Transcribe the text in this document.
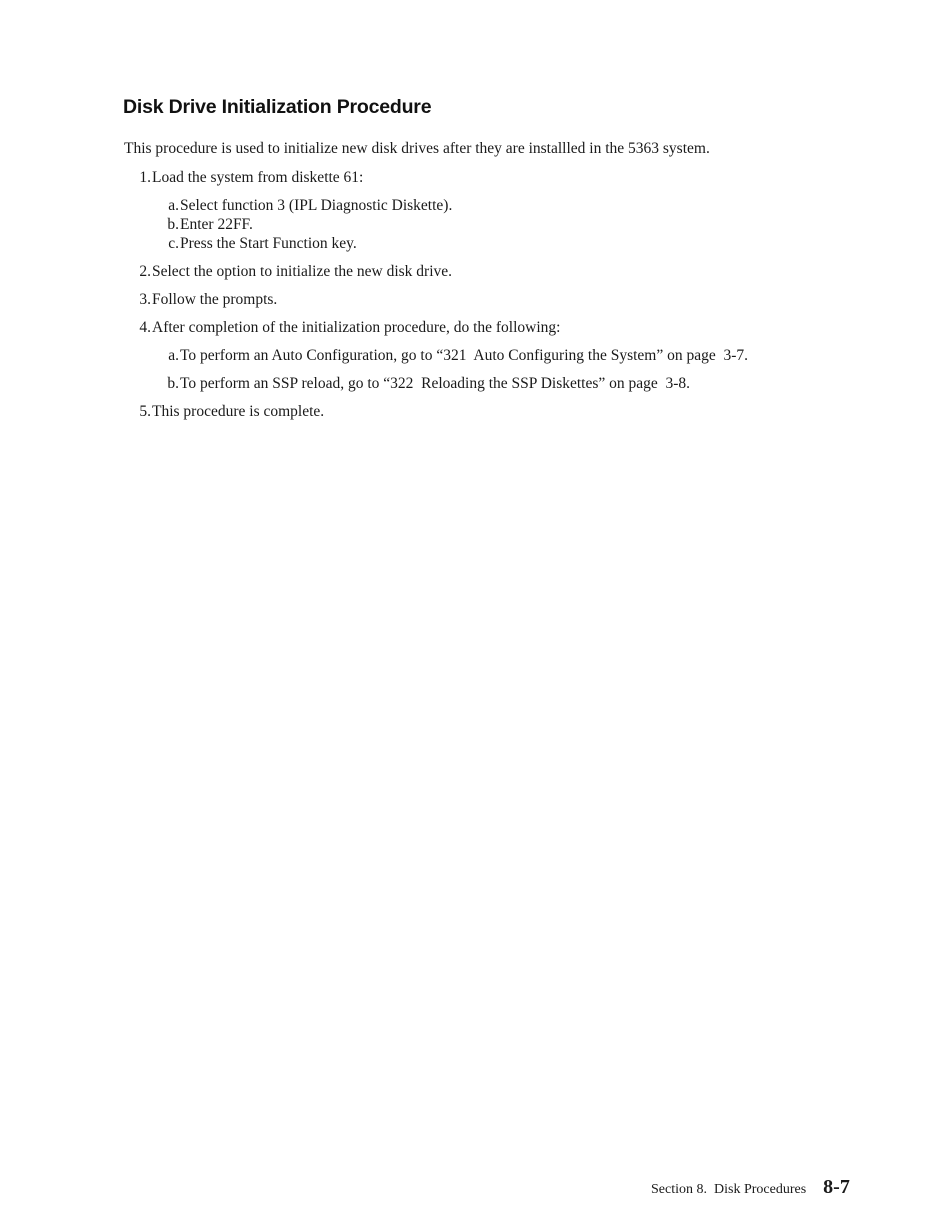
Disk Drive Initialization Procedure
This procedure is used to initialize new disk drives after they are installled in the 5363 system.
1. Load the system from diskette 61:
a. Select function 3 (IPL Diagnostic Diskette).
b. Enter 22FF.
c. Press the Start Function key.
2. Select the option to initialize the new disk drive.
3. Follow the prompts.
4. After completion of the initialization procedure, do the following:
a. To perform an Auto Configuration, go to “321  Auto Configuring the System” on page  3-7.
b. To perform an SSP reload, go to “322  Reloading the SSP Diskettes” on page  3-8.
5. This procedure is complete.
Section 8.  Disk Procedures 8-7
